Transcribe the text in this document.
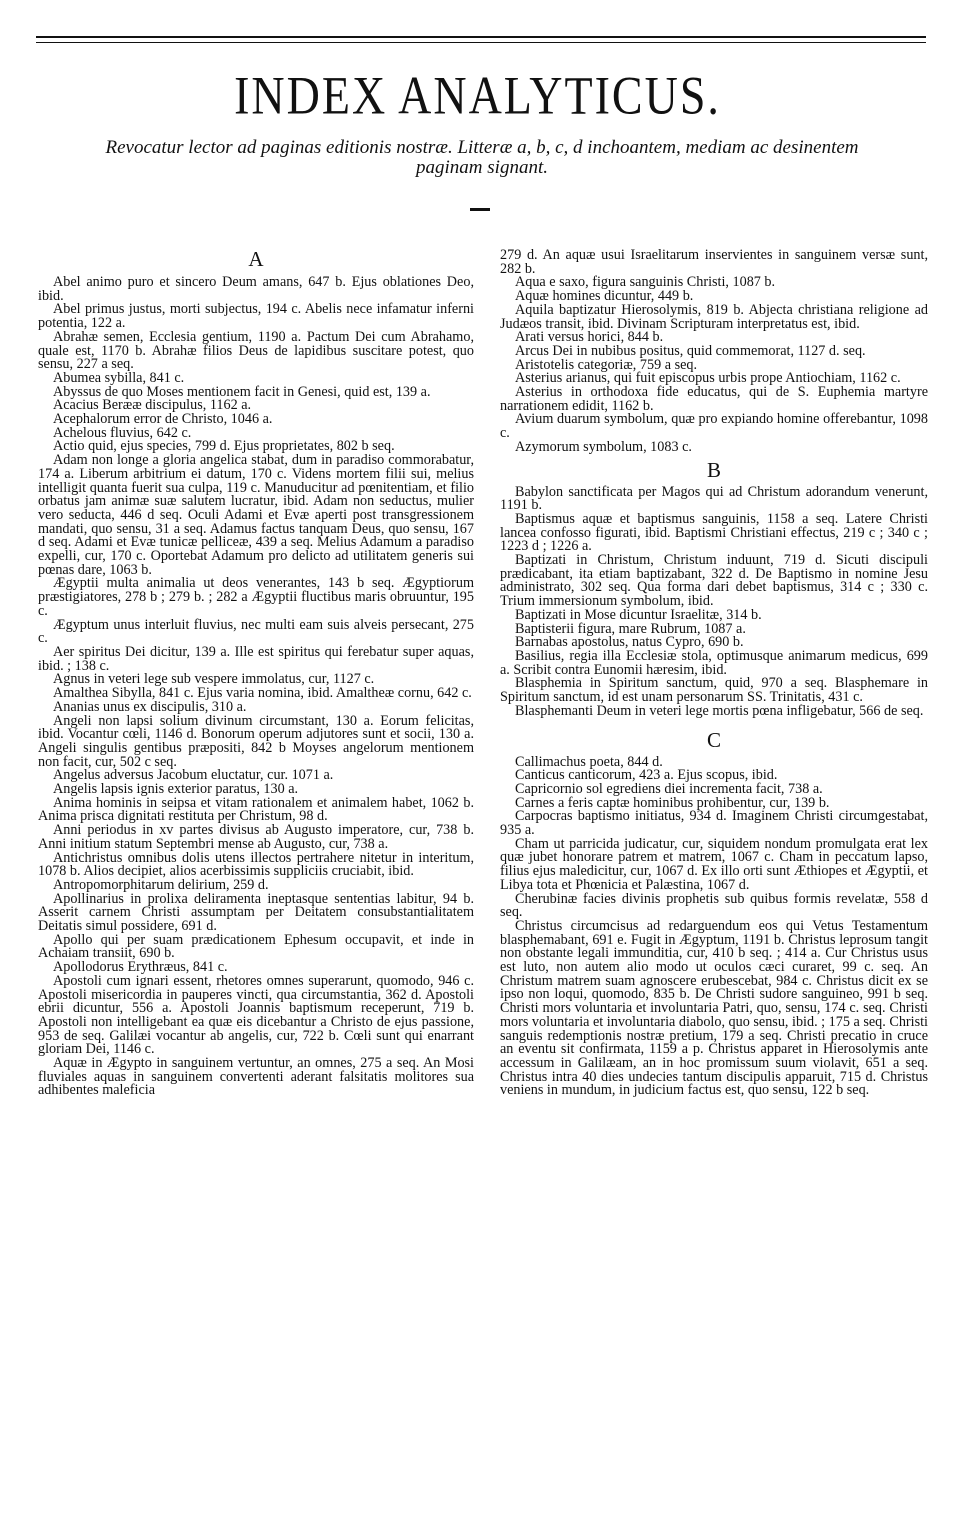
INDEX ANALYTICUS.
Revocatur lector ad paginas editionis nostræ. Litteræ a, b, c, d inchoantem, mediam ac desinentem
paginam signant.
A

Abel animo puro et sincero Deum amans, 647 b. Ejus oblationes Deo, ibid.

Abel primus justus, morti subjectus, 194 c. Abelis nece infamatur inferni potentia, 122 a.

Abrahæ semen, Ecclesia gentium, 1190 a. Pactum Dei cum Abrahamo, quale est, 1170 b. Abrahæ filios Deus de lapidibus suscitare potest, quo sensu, 227 a seq.

Abumea sybilla, 841 c.

Abyssus de quo Moses mentionem facit in Genesi, quid est, 139 a.

Acacius Berææ discipulus, 1162 a.

Acephalorum error de Christo, 1046 a.

Achelous fluvius, 642 c.

Actio quid, ejus species, 799 d. Ejus proprietates, 802 b seq.

Adam non longe a gloria angelica stabat, dum in paradiso commorabatur, 174 a. Liberum arbitrium ei datum, 170 c. Videns mortem filii sui, melius intelligit quanta fuerit sua culpa, 119 c. Manuducitur ad pœnitentiam, et filio orbatus jam animæ suæ salutem lucratur, ibid. Adam non seductus, mulier vero seducta, 446 d seq. Oculi Adami et Evæ aperti post transgressionem mandati, quo sensu, 31 a seq. Adamus factus tanquam Deus, quo sensu, 167 d seq. Adami et Evæ tunicæ pelliceæ, 439 a seq. Melius Adamum a paradiso expelli, cur, 170 c. Oportebat Adamum pro delicto ad utilitatem generis sui pœnas dare, 1063 b.

Ægyptii multa animalia ut deos venerantes, 143 b seq. Ægyptiorum præstigiatores, 278 b ; 279 b. ; 282 a Ægyptii fluctibus maris obruuntur, 195 c.

Ægyptum unus interluit fluvius, nec multi eam suis alveis persecant, 275 c.

Aer spiritus Dei dicitur, 139 a. Ille est spiritus qui ferebatur super aquas, ibid. ; 138 c.

Agnus in veteri lege sub vespere immolatus, cur, 1127 c.

Amalthea Sibylla, 841 c. Ejus varia nomina, ibid. Amaltheæ cornu, 642 c.

Ananias unus ex discipulis, 310 a.

Angeli non lapsi solium divinum circumstant, 130 a. Eorum felicitas, ibid. Vocantur cœli, 1146 d. Bonorum operum adjutores sunt et socii, 130 a. Angeli singulis gentibus præpositi, 842 b Moyses angelorum mentionem non facit, cur, 502 c seq.

Angelus adversus Jacobum eluctatur, cur. 1071 a.

Angelis lapsis ignis exterior paratus, 130 a.

Anima hominis in seipsa et vitam rationalem et animalem habet, 1062 b. Anima prisca dignitati restituta per Christum, 98 d.

Anni periodus in xv partes divisus ab Augusto imperatore, cur, 738 b. Anni initium statum Septembri mense ab Augusto, cur, 738 a.

Antichristus omnibus dolis utens illectos pertrahere nitetur in interitum, 1078 b. Alios decipiet, alios acerbissimis suppliciis cruciabit, ibid.

Antropomorphitarum delirium, 259 d.

Apollinarius in prolixa deliramenta ineptasque sententias labitur, 94 b. Asserit carnem Christi assumptam per Deitatem consubstantialitatem Deitatis simul possidere, 691 d.

Apollo qui per suam prædicationem Ephesum occupavit, et inde in Achaiam transiit, 690 b.

Apollodorus Erythræus, 841 c.

Apostoli cum ignari essent, rhetores omnes superarunt, quomodo, 946 c. Apostoli misericordia in pauperes vincti, qua circumstantia, 362 d. Apostoli ebrii dicuntur, 556 a. Apostoli Joannis baptismum receperunt, 719 b. Apostoli non intelligebant ea quæ eis dicebantur a Christo de ejus passione, 953 de seq. Galilæi vocantur ab angelis, cur, 722 b. Cœli sunt qui enarrant gloriam Dei, 1146 c.

Aquæ in Ægypto in sanguinem vertuntur, an omnes, 275 a seq. An Mosi fluviales aquas in sanguinem convertenti aderant falsitatis molitores sua adhibentes maleficia

279 d. An aquæ usui Israelitarum inservientes in sanguinem versæ sunt, 282 b.

Aqua e saxo, figura sanguinis Christi, 1087 b.

Aquæ homines dicuntur, 449 b.

Aquila baptizatur Hierosolymis, 819 b. Abjecta christiana religione ad Judæos transit, ibid. Divinam Scripturam interpretatus est, ibid.

Arati versus horici, 844 b.

Arcus Dei in nubibus positus, quid commemorat, 1127 d. seq.

Aristotelis categoriæ, 759 a seq.

Asterius arianus, qui fuit episcopus urbis prope Antiochiam, 1162 c.

Asterius in orthodoxa fide educatus, qui de S. Euphemia martyre narrationem edidit, 1162 b.

Avium duarum symbolum, quæ pro expiando homine offerebantur, 1098 c.

Azymorum symbolum, 1083 c.

B

Babylon sanctificata per Magos qui ad Christum adorandum venerunt, 1191 b.

Baptismus aquæ et baptismus sanguinis, 1158 a seq. Latere Christi lancea confosso figurati, ibid. Baptismi Christiani effectus, 219 c ; 340 c ; 1223 d ; 1226 a.

Baptizati in Christum, Christum induunt, 719 d. Sicuti discipuli prædicabant, ita etiam baptizabant, 322 d. De Baptismo in nomine Jesu administrato, 302 seq. Qua forma dari debet baptismus, 314 c ; 330 c. Trium immersionum symbolum, ibid.

Baptizati in Mose dicuntur Israelitæ, 314 b.

Baptisterii figura, mare Rubrum, 1087 a.

Barnabas apostolus, natus Cypro, 690 b.

Basilius, regia illa Ecclesiæ stola, optimusque animarum medicus, 699 a. Scribit contra Eunomii hæresim, ibid.

Blasphemia in Spiritum sanctum, quid, 970 a seq. Blasphemare in Spiritum sanctum, id est unam personarum SS. Trinitatis, 431 c.

Blasphemanti Deum in veteri lege mortis pœna infligebatur, 566 de seq.

C

Callimachus poeta, 844 d.

Canticus canticorum, 423 a. Ejus scopus, ibid.

Capricornio sol egrediens diei incrementa facit, 738 a.

Carnes a feris captæ hominibus prohibentur, cur, 139 b.

Carpocras baptismo initiatus, 934 d. Imaginem Christi circumgestabat, 935 a.

Cham ut parricida judicatur, cur, siquidem nondum promulgata erat lex quæ jubet honorare patrem et matrem, 1067 c. Cham in peccatum lapso, filius ejus maledicitur, cur, 1067 d. Ex illo orti sunt Æthiopes et Ægyptii, et Libya tota et Phœnicia et Palæstina, 1067 d.

Cherubinæ facies divinis prophetis sub quibus formis revelatæ, 558 d seq.

Christus circumcisus ad redarguendum eos qui Vetus Testamentum blasphemabant, 691 e. Fugit in Ægyptum, 1191 b. Christus leprosum tangit non obstante legali immunditia, cur, 410 b seq. ; 414 a. Cur Christus usus est luto, non autem alio modo ut oculos cæci curaret, 99 c. seq. An Christum matrem suam agnoscere erubescebat, 984 c. Christus dicit ex se ipso non loqui, quomodo, 835 b. De Christi sudore sanguineo, 991 b seq. Christi mors voluntaria et involuntaria Patri, quo, sensu, 174 c. seq. Christi mors voluntaria et involuntaria diabolo, quo sensu, ibid. ; 175 a seq. Christi sanguis redemptionis nostræ pretium, 179 a seq. Christi precatio in cruce an eventu sit confirmata, 1159 a p. Christus apparet in Hierosolymis ante accessum in Galilæam, an in hoc promissum suum violavit, 651 a seq. Christus intra 40 dies undecies tantum discipulis apparuit, 715 d. Christus veniens in mundum, in judicium factus est, quo sensu, 122 b seq.
